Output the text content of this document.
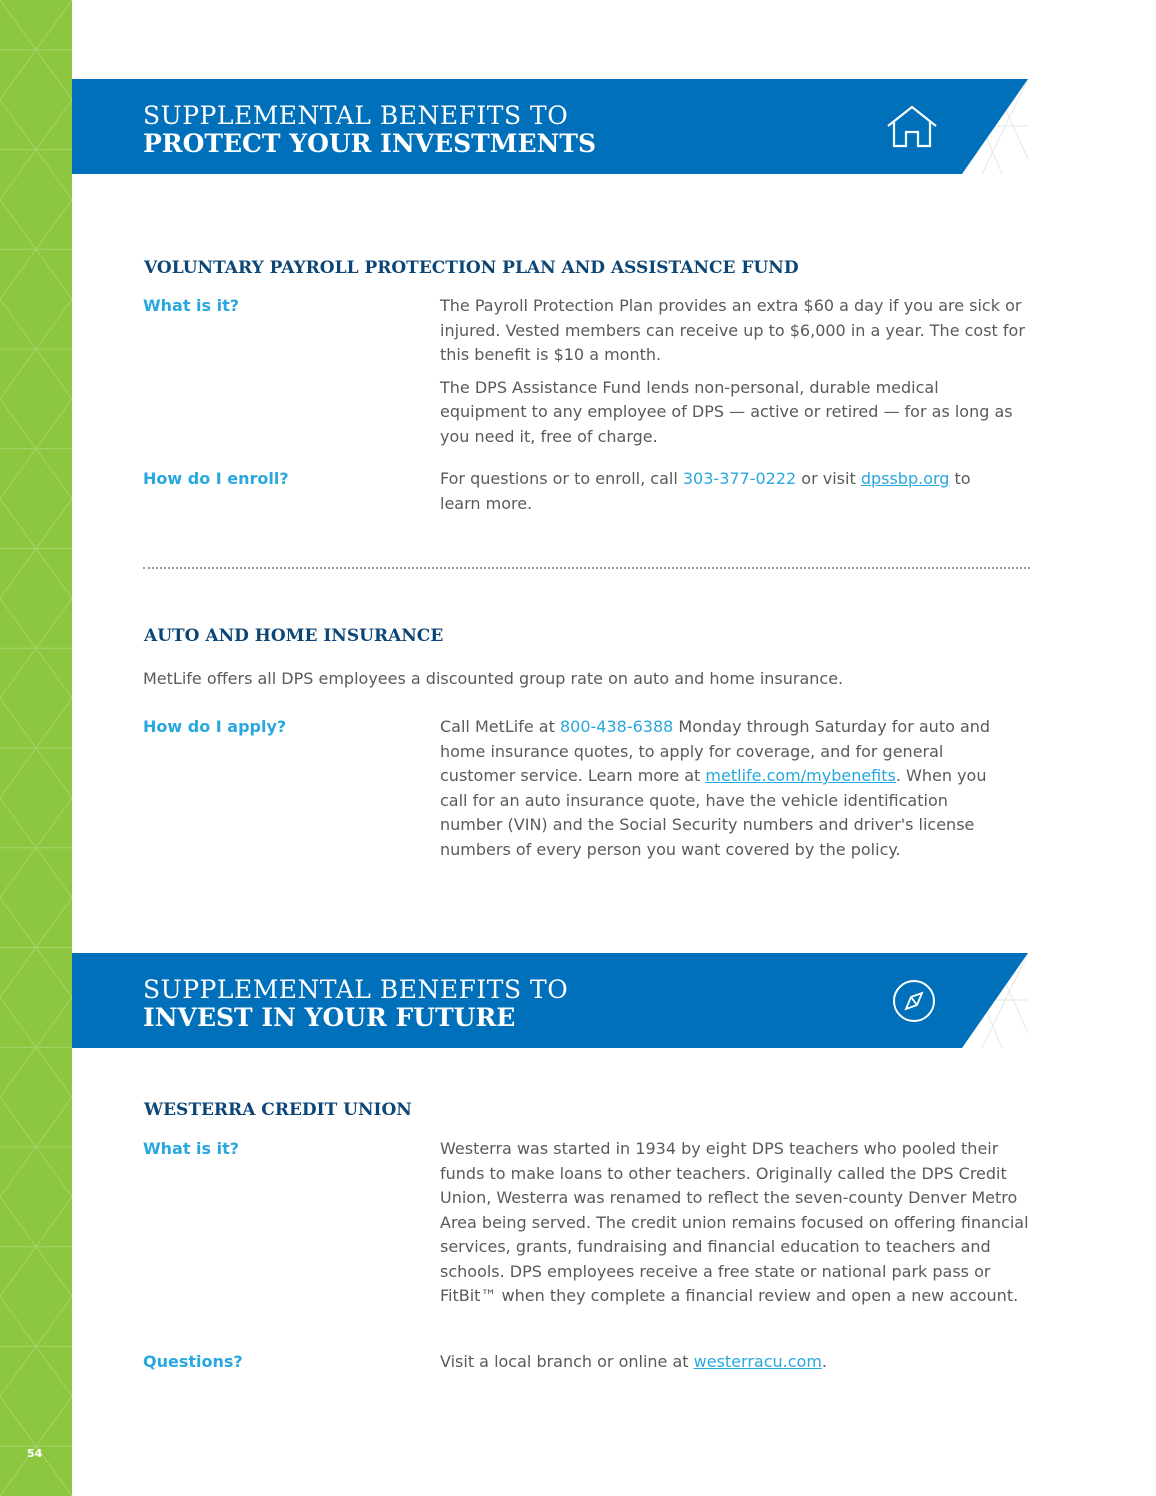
54
SUPPLEMENTAL BENEFITS TO
PROTECT YOUR INVESTMENTS
VOLUNTARY PAYROLL PROTECTION PLAN AND ASSISTANCE FUND
What is it?	The Payroll Protection Plan provides an extra $60 a day if you are sick or injured. Vested members can receive up to $6,000 in a year. The cost for this benefit is $10 a month.

The DPS Assistance Fund lends non-personal, durable medical equipment to any employee of DPS — active or retired — for as long as you need it, free of charge.

How do I enroll?	For questions or to enroll, call 303-377-0222 or visit dpssbp.org to learn more.
AUTO AND HOME INSURANCE
MetLife offers all DPS employees a discounted group rate on auto and home insurance.
How do I apply?	Call MetLife at 800-438-6388 Monday through Saturday for auto and home insurance quotes, to apply for coverage, and for general customer service. Learn more at metlife.com/mybenefits. When you call for an auto insurance quote, have the vehicle identification number (VIN) and the Social Security numbers and driver's license numbers of every person you want covered by the policy.
SUPPLEMENTAL BENEFITS TO
INVEST IN YOUR FUTURE
WESTERRA CREDIT UNION
What is it?	Westerra was started in 1934 by eight DPS teachers who pooled their funds to make loans to other teachers. Originally called the DPS Credit Union, Westerra was renamed to reflect the seven-county Denver Metro Area being served. The credit union remains focused on offering financial services, grants, fundraising and financial education to teachers and schools. DPS employees receive a free state or national park pass or FitBit™ when they complete a financial review and open a new account.
Questions?	Visit a local branch or online at westerracu.com.
